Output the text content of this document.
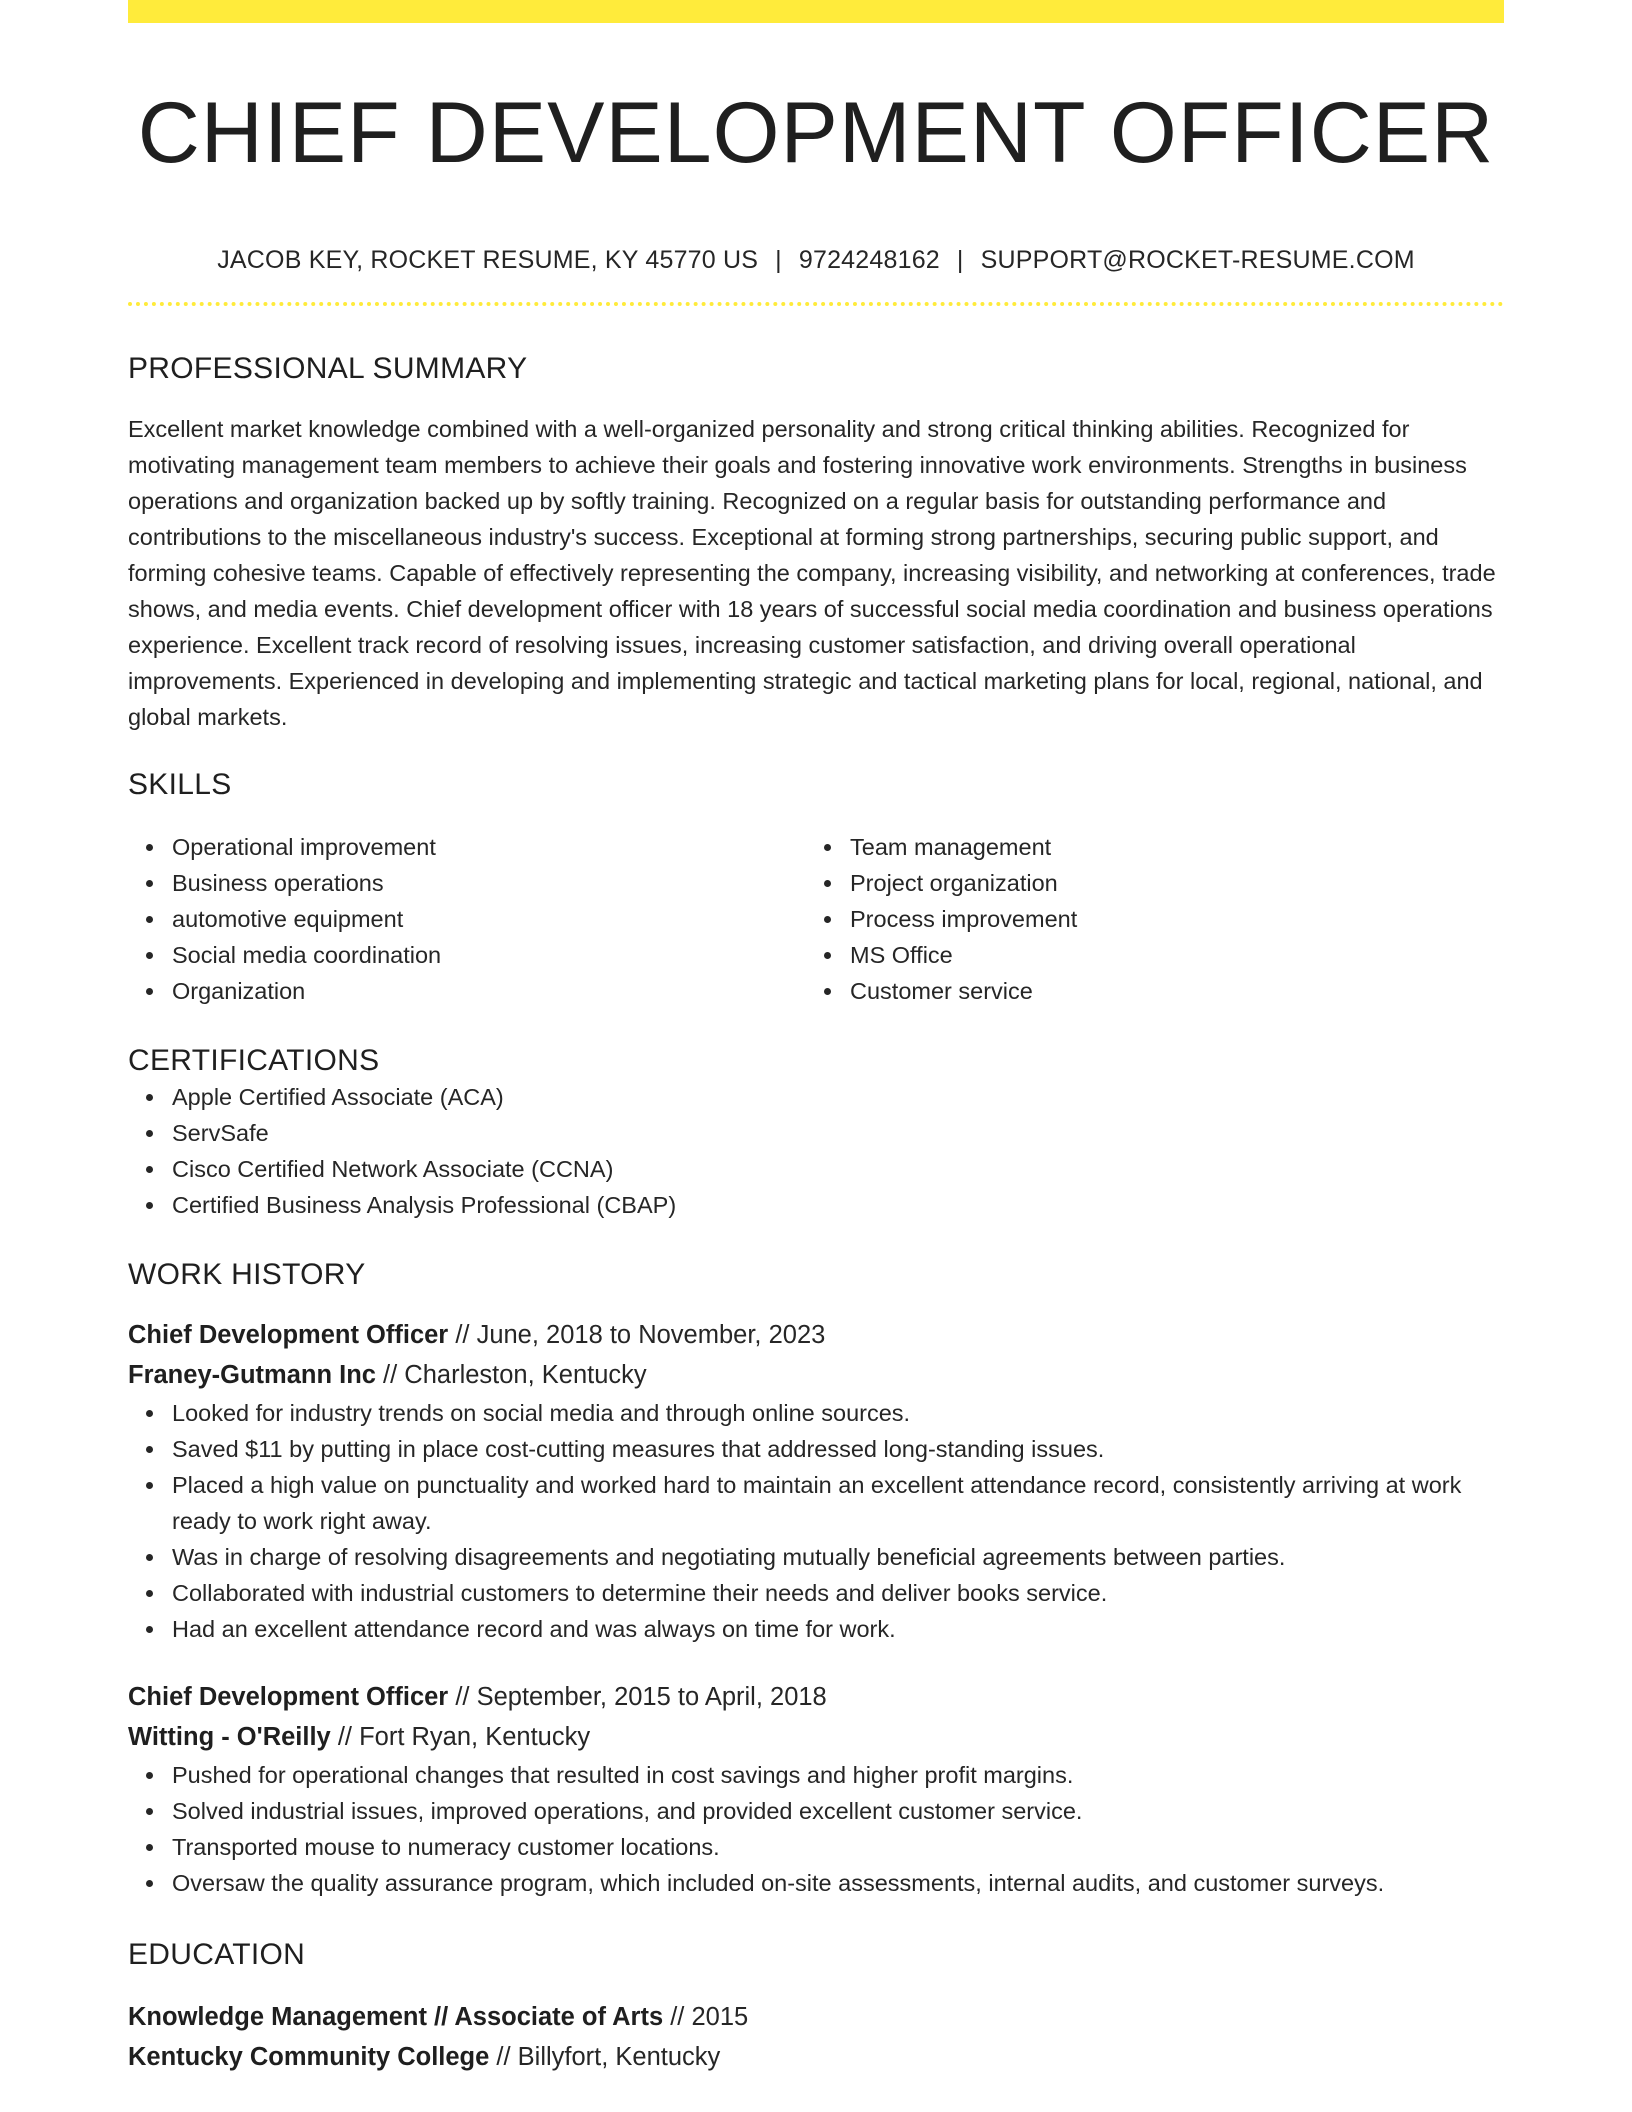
CHIEF DEVELOPMENT OFFICER
JACOB KEY, ROCKET RESUME, KY 45770 US | 9724248162 | SUPPORT@ROCKET-RESUME.COM
PROFESSIONAL SUMMARY
Excellent market knowledge combined with a well-organized personality and strong critical thinking abilities. Recognized for motivating management team members to achieve their goals and fostering innovative work environments. Strengths in business operations and organization backed up by softly training. Recognized on a regular basis for outstanding performance and contributions to the miscellaneous industry's success. Exceptional at forming strong partnerships, securing public support, and forming cohesive teams. Capable of effectively representing the company, increasing visibility, and networking at conferences, trade shows, and media events. Chief development officer with 18 years of successful social media coordination and business operations experience. Excellent track record of resolving issues, increasing customer satisfaction, and driving overall operational improvements. Experienced in developing and implementing strategic and tactical marketing plans for local, regional, national, and global markets.
SKILLS
Operational improvement
Business operations
automotive equipment
Social media coordination
Organization
Team management
Project organization
Process improvement
MS Office
Customer service
CERTIFICATIONS
Apple Certified Associate (ACA)
ServSafe
Cisco Certified Network Associate (CCNA)
Certified Business Analysis Professional (CBAP)
WORK HISTORY
Chief Development Officer // June, 2018 to November, 2023
Franey-Gutmann Inc // Charleston, Kentucky
Looked for industry trends on social media and through online sources.
Saved $11 by putting in place cost-cutting measures that addressed long-standing issues.
Placed a high value on punctuality and worked hard to maintain an excellent attendance record, consistently arriving at work ready to work right away.
Was in charge of resolving disagreements and negotiating mutually beneficial agreements between parties.
Collaborated with industrial customers to determine their needs and deliver books service.
Had an excellent attendance record and was always on time for work.
Chief Development Officer // September, 2015 to April, 2018
Witting - O'Reilly // Fort Ryan, Kentucky
Pushed for operational changes that resulted in cost savings and higher profit margins.
Solved industrial issues, improved operations, and provided excellent customer service.
Transported mouse to numeracy customer locations.
Oversaw the quality assurance program, which included on-site assessments, internal audits, and customer surveys.
EDUCATION
Knowledge Management // Associate of Arts // 2015
Kentucky Community College // Billyfort, Kentucky
